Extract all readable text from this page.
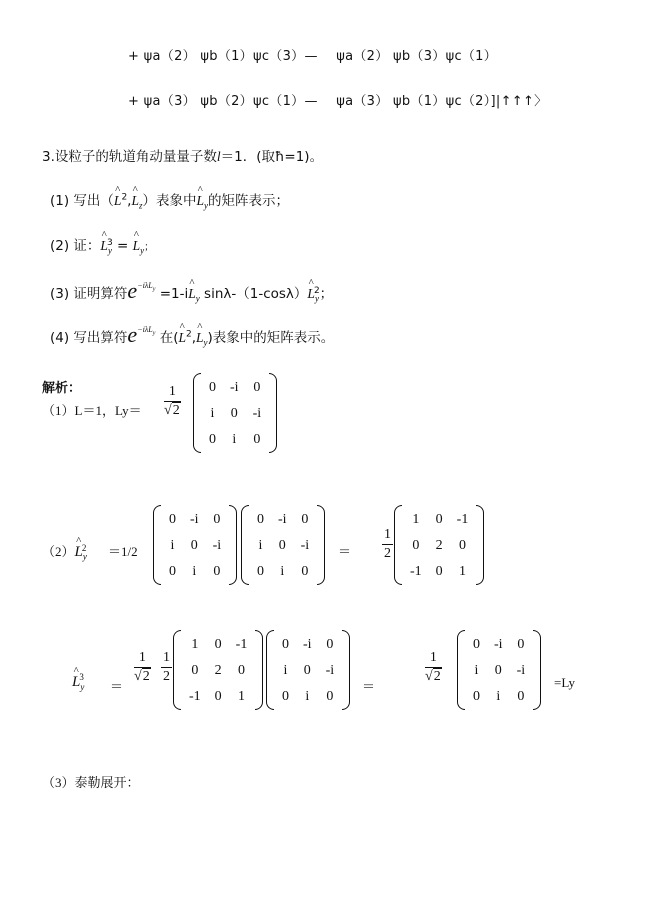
+ ψa（2） ψb（1）ψc（3）— ψa（2） ψb（3）ψc（1）
+ ψa（3） ψb（2）ψc（1）— ψa（3） ψb（1）ψc（2）]|↑↑↑〉
3.设粒子的轨道角动量量子数l＝1．(取ħ=1)。
(1) 写出（
^
$L^2$,
^
$L_z$）表象中
^
$L_y$的矩阵表示；
(2) 证：
^
$L_y^3$ =
^
$L_y$；
(3) 证明算符$e^{-i\lambda L_y} =1-i$
^
$L_y$ sinλ-（1-cosλ）
^
$L_y^2$；
(4) 写出算符$e^{-i\lambda L_y}$ 在(
^
$L^2$,
^
$L_y$)表象中的矩阵表示。
解析：
（1）L＝1，$Ly= \frac{1}{√2} 0$	-i	0
i	0	-i
0	i	0
（2）
^
$L_y^2 =1/2$
0	-i	0
i	0	-i
0	i	0
0	-i	0
i	0	-i
0	i	0
＝ $\frac{1}{2}$
1	0	-1
0	2	0
-1	0	1
^
$L_y^3$
＝
$\frac{1}{√2} \frac{1}{2}$
1	0	-1
0	2	0
-1	0	1
0	-i	0
i	0	-i
0	i	0
＝
$\frac{1}{√2}$
0	-i	0
i	0	-i
0	i	0
=Ly
（3）泰勒展开：
